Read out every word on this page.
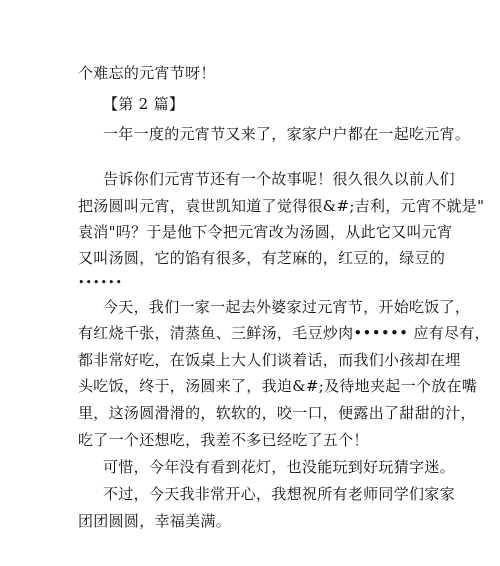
个难忘的元宵节呀！
【第 2 篇】
一年一度的元宵节又来了，家家户户都在一起吃元宵。
告诉你们元宵节还有一个故事呢！很久很久以前人们
把汤圆叫元宵，袁世凯知道了觉得很&#;吉利，元宵不就是"
袁消"吗？于是他下令把元宵改为汤圆，从此它又叫元宵
又叫汤圆，它的馅有很多，有芝麻的，红豆的，绿豆的
••••••
今天，我们一家一起去外婆家过元宵节，开始吃饭了，
有红烧千张，清蒸鱼、三鲜汤，毛豆炒肉•••••• 应有尽有，
都非常好吃，在饭桌上大人们谈着话，而我们小孩却在埋
头吃饭，终于，汤圆来了，我迫&#;及待地夹起一个放在嘴
里，这汤圆滑滑的，软软的，咬一口，便露出了甜甜的汁，
吃了一个还想吃，我差不多已经吃了五个！
可惜，今年没有看到花灯，也没能玩到好玩猜字迷。
不过，今天我非常开心，我想祝所有老师同学们家家
团团圆圆，幸福美满。
